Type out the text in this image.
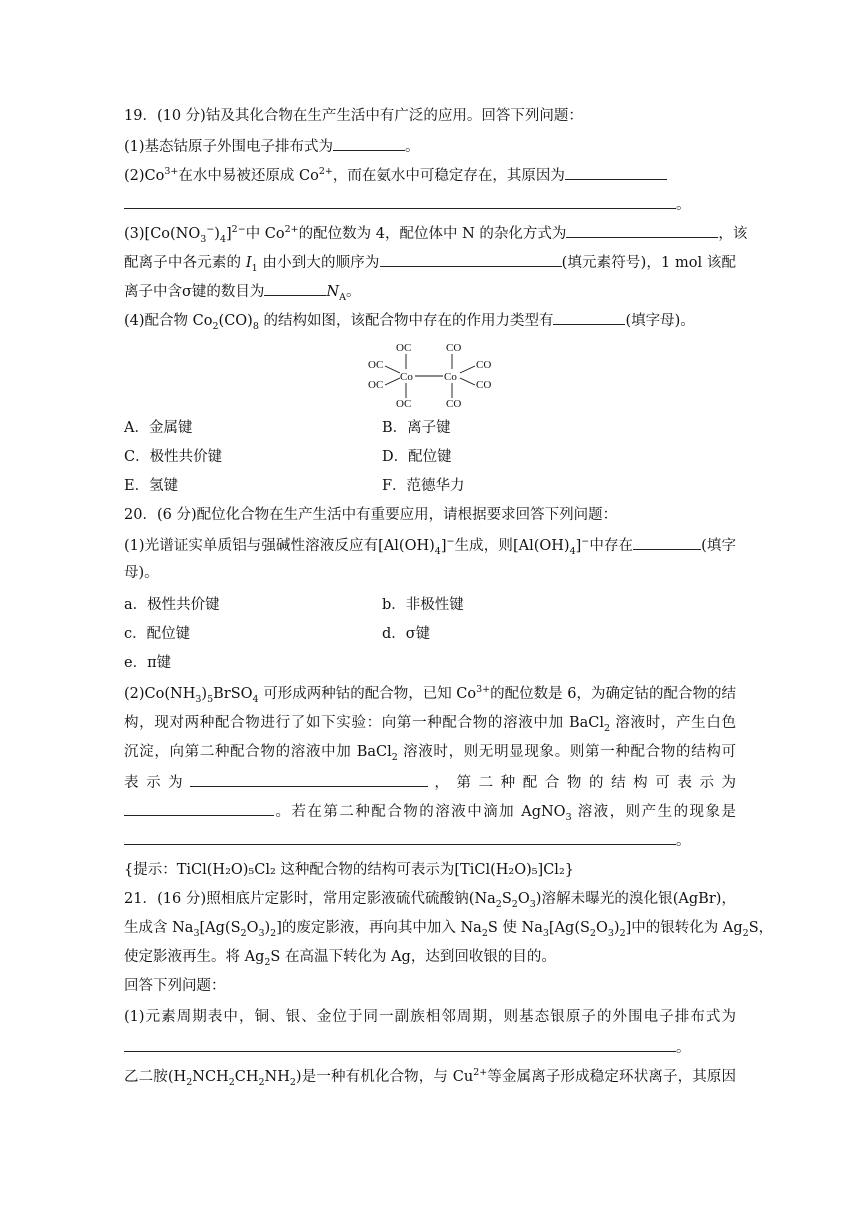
19．(10 分)钴及其化合物在生产生活中有广泛的应用。回答下列问题：
(1)基态钴原子外围电子排布式为	。
$(2)Co^{3+}$在水中易被还原成 $Co^{2+}$，而在氨水中可稳定存在，其原因为
。
$(3)[Co(NO_3^-)_4]^{2-}$中 $Co^{2+}$的配位数为 4，配位体中 N 的杂化方式为	，该
配离子中各元素的 $I_1$ 由小到大的顺序为	(填元素符号)，1 mol 该配
离子中含σ键的数目为	$N_A$。
(4)配合物 $Co_2(CO)_8$ 的结构如图，该配合物中存在的作用力类型有	(填字母)。
OC	CO
OC	CO
Co	Co
OC	CO
OC	CO
A．金属键	B．离子键
C．极性共价键	D．配位键
E．氢键	F．范德华力
20．(6 分)配位化合物在生产生活中有重要应用，请根据要求回答下列问题：
(1)光谱证实单质铝与强碱性溶液反应有$[Al(OH)_4]^-$生成，则$[Al(OH)_4]^-$中存在	(填字
母)。
a．极性共价键	b．非极性键
c．配位键	d．σ键
e．π键
$(2)Co(NH_3)_5BrSO_4$ 可形成两种钴的配合物，已知 $Co^{3+}$的配位数是 6，为确定钴的配合物的结
构，现对两种配合物进行了如下实验：向第一种配合物的溶液中加 BaCl$_2$ 溶液时，产生白色
沉淀，向第二种配合物的溶液中加 BaCl$_2$ 溶液时，则无明显现象。则第一种配合物的结构可
表 示 为	， 第 二 种 配 合 物 的 结 构 可 表 示 为
。若在第二种配合物的溶液中滴加 AgNO$_3$ 溶液，则产生的现象是
。
{提示：TiCl(H₂O)₅Cl₂ 这种配合物的结构可表示为[TiCl(H₂O)₅]Cl₂}
21．(16 分)照相底片定影时，常用定影液硫代硫酸钠$(Na_2S_2O_3)$溶解未曝光的溴化银(AgBr)，
生成含 $Na_3[Ag(S_2O_3)_2]$的废定影液，再向其中加入 $Na_2S$ 使 $Na_3[Ag(S_2O_3)_2]$中的银转化为 $Ag_2S$，
使定影液再生。将 $Ag_2S$ 在高温下转化为 Ag，达到回收银的目的。
回答下列问题：
(1)元素周期表中，铜、银、金位于同一副族相邻周期，则基态银原子的外围电子排布式为
。
乙二胺$(H_2NCH_2CH_2NH_2)$是一种有机化合物，与 $Cu^{2+}$等金属离子形成稳定环状离子，其原因
